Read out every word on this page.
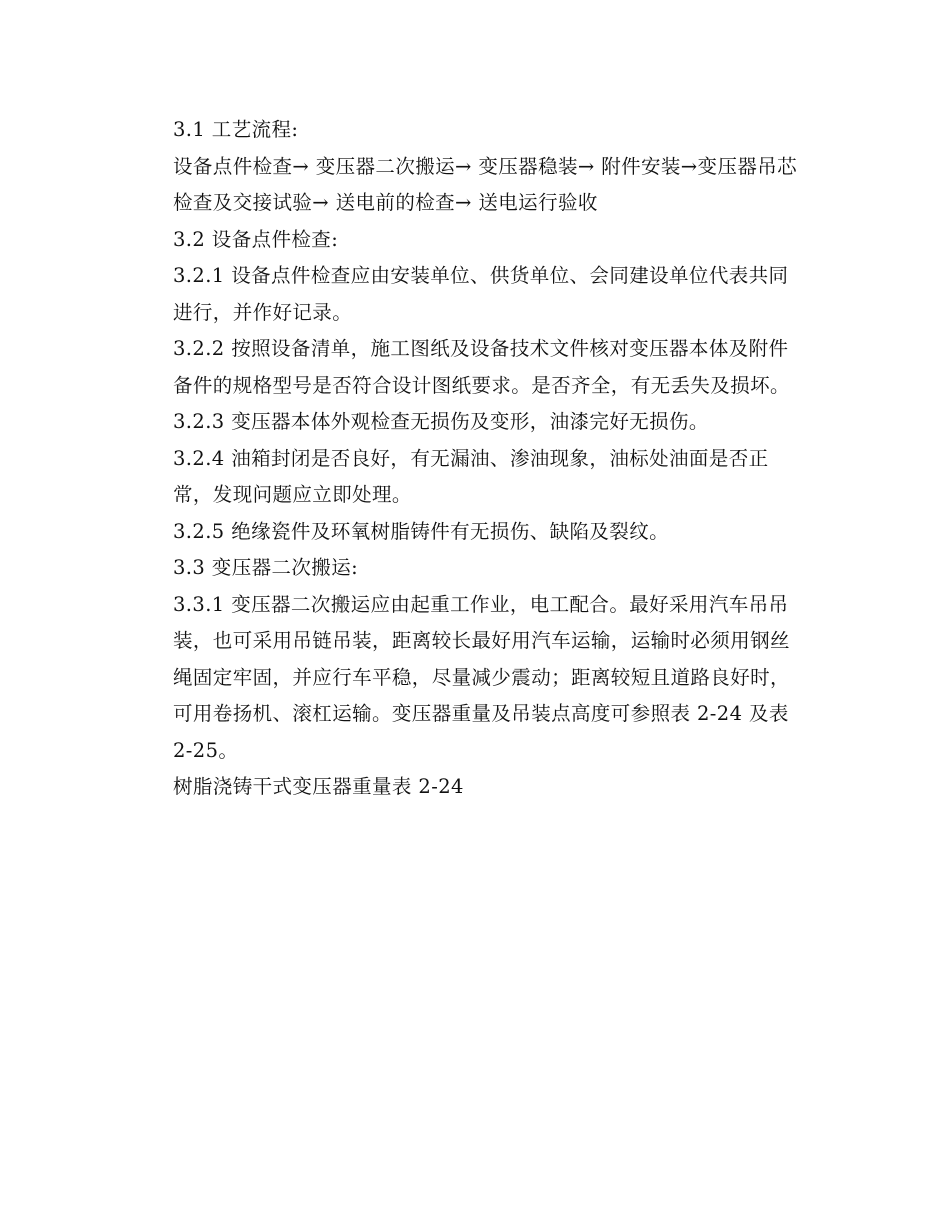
3.1 工艺流程:

设备点件检查→ 变压器二次搬运→ 变压器稳装→ 附件安装→变压器吊芯检查及交接试验→ 送电前的检查→ 送电运行验收

3.2 设备点件检查:

3.2.1 设备点件检查应由安装单位、供货单位、会同建设单位代表共同进行，并作好记录。

3.2.2 按照设备清单，施工图纸及设备技术文件核对变压器本体及附件备件的规格型号是否符合设计图纸要求。是否齐全，有无丢失及损坏。

3.2.3 变压器本体外观检查无损伤及变形，油漆完好无损伤。

3.2.4 油箱封闭是否良好，有无漏油、渗油现象，油标处油面是否正常，发现问题应立即处理。

3.2.5 绝缘瓷件及环氧树脂铸件有无损伤、缺陷及裂纹。

3.3 变压器二次搬运:

3.3.1 变压器二次搬运应由起重工作业，电工配合。最好采用汽车吊吊装，也可采用吊链吊装，距离较长最好用汽车运输，运输时必须用钢丝绳固定牢固，并应行车平稳，尽量减少震动；距离较短且道路良好时，可用卷扬机、滚杠运输。变压器重量及吊装点高度可参照表 2-24 及表 2-25。

树脂浇铸干式变压器重量表 2-24
